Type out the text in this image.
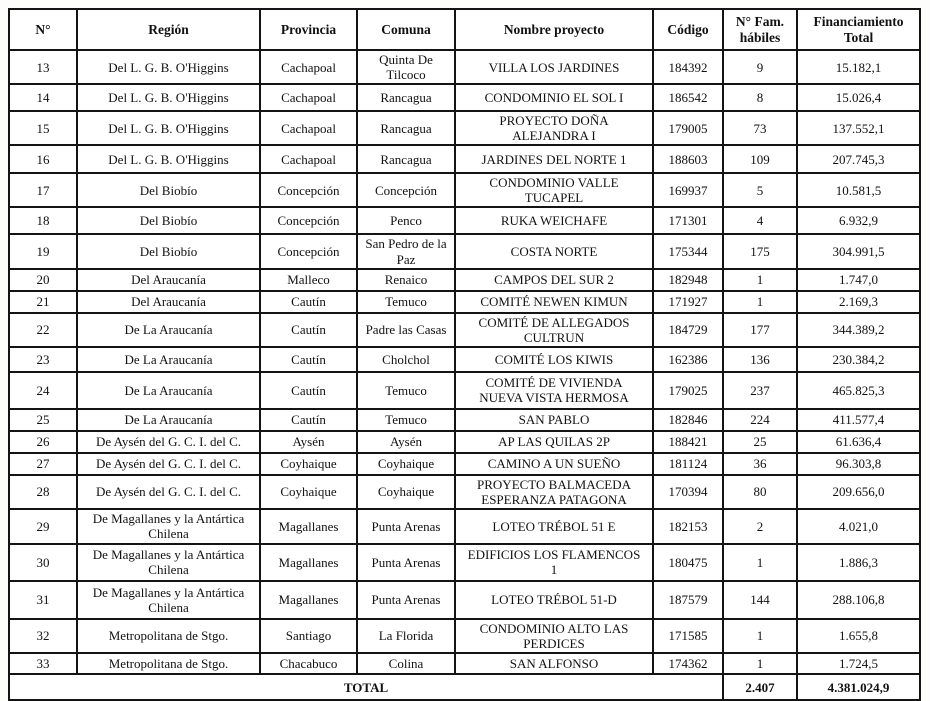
N°	Región	Provincia	Comuna	Nombre proyecto	Código	N° Fam. hábiles	Financiamiento Total
13	Del L. G. B. O'Higgins	Cachapoal	Quinta De Tilcoco	VILLA LOS JARDINES	184392	9	15.182,1
14	Del L. G. B. O'Higgins	Cachapoal	Rancagua	CONDOMINIO EL SOL I	186542	8	15.026,4
15	Del L. G. B. O'Higgins	Cachapoal	Rancagua	PROYECTO DOÑA ALEJANDRA I	179005	73	137.552,1
16	Del L. G. B. O'Higgins	Cachapoal	Rancagua	JARDINES DEL NORTE 1	188603	109	207.745,3
17	Del Biobío	Concepción	Concepción	CONDOMINIO VALLE TUCAPEL	169937	5	10.581,5
18	Del Biobío	Concepción	Penco	RUKA WEICHAFE	171301	4	6.932,9
19	Del Biobío	Concepción	San Pedro de la Paz	COSTA NORTE	175344	175	304.991,5
20	Del Araucanía	Malleco	Renaico	CAMPOS DEL SUR 2	182948	1	1.747,0
21	Del Araucanía	Cautín	Temuco	COMITÉ NEWEN KIMUN	171927	1	2.169,3
22	De La Araucanía	Cautín	Padre las Casas	COMITÉ DE ALLEGADOS CULTRUN	184729	177	344.389,2
23	De La Araucanía	Cautín	Cholchol	COMITÉ LOS KIWIS	162386	136	230.384,2
24	De La Araucanía	Cautín	Temuco	COMITÉ DE VIVIENDA NUEVA VISTA HERMOSA	179025	237	465.825,3
25	De La Araucanía	Cautín	Temuco	SAN PABLO	182846	224	411.577,4
26	De Aysén del G. C. I. del C.	Aysén	Aysén	AP LAS QUILAS 2P	188421	25	61.636,4
27	De Aysén del G. C. I. del C.	Coyhaique	Coyhaique	CAMINO A UN SUEÑO	181124	36	96.303,8
28	De Aysén del G. C. I. del C.	Coyhaique	Coyhaique	PROYECTO BALMACEDA ESPERANZA PATAGONA	170394	80	209.656,0
29	De Magallanes y la Antártica Chilena	Magallanes	Punta Arenas	LOTEO TRÉBOL 51 E	182153	2	4.021,0
30	De Magallanes y la Antártica Chilena	Magallanes	Punta Arenas	EDIFICIOS LOS FLAMENCOS 1	180475	1	1.886,3
31	De Magallanes y la Antártica Chilena	Magallanes	Punta Arenas	LOTEO TRÉBOL 51-D	187579	144	288.106,8
32	Metropolitana de Stgo.	Santiago	La Florida	CONDOMINIO ALTO LAS PERDICES	171585	1	1.655,8
33	Metropolitana de Stgo.	Chacabuco	Colina	SAN ALFONSO	174362	1	1.724,5
TOTAL						2.407	4.381.024,9
